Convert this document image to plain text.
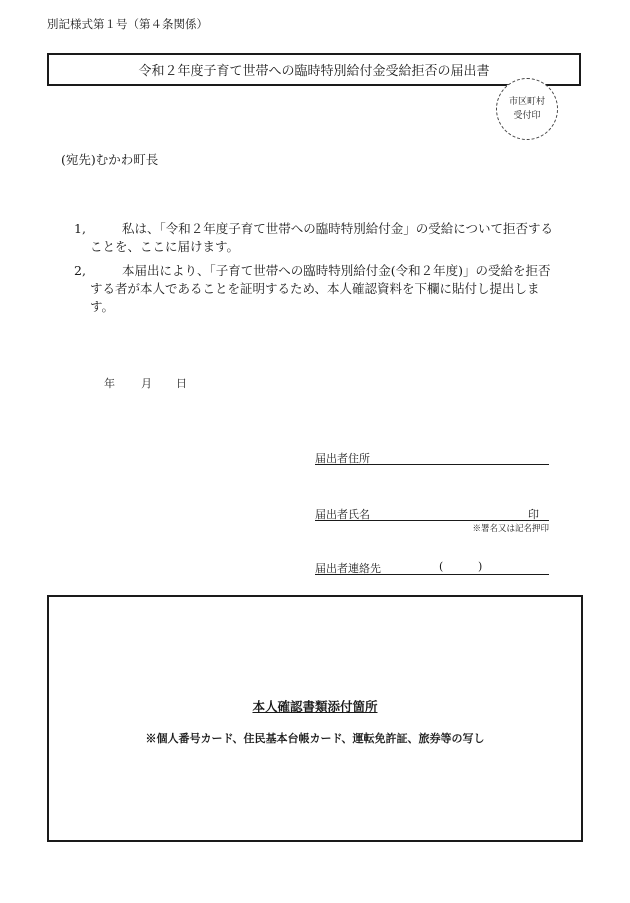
別記様式第１号（第４条関係）
令和２年度子育て世帯への臨時特別給付金受給拒否の届出書
市区町村
受付印
(宛先)むかわ町長
1,	私は、「令和２年度子育て世帯への臨時特別給付金」の受給について拒否することを、ここに届けます。
2,	本届出により、「子育て世帯への臨時特別給付金(令和２年度)」の受給を拒否する者が本人であることを証明するため、本人確認資料を下欄に貼付し提出します。
年 月 日
届出者住所
届出者氏名	印
※署名又は記名押印
届出者連絡先	(	)
本人確認書類添付箇所
※個人番号カード、住民基本台帳カード、運転免許証、旅券等の写し
